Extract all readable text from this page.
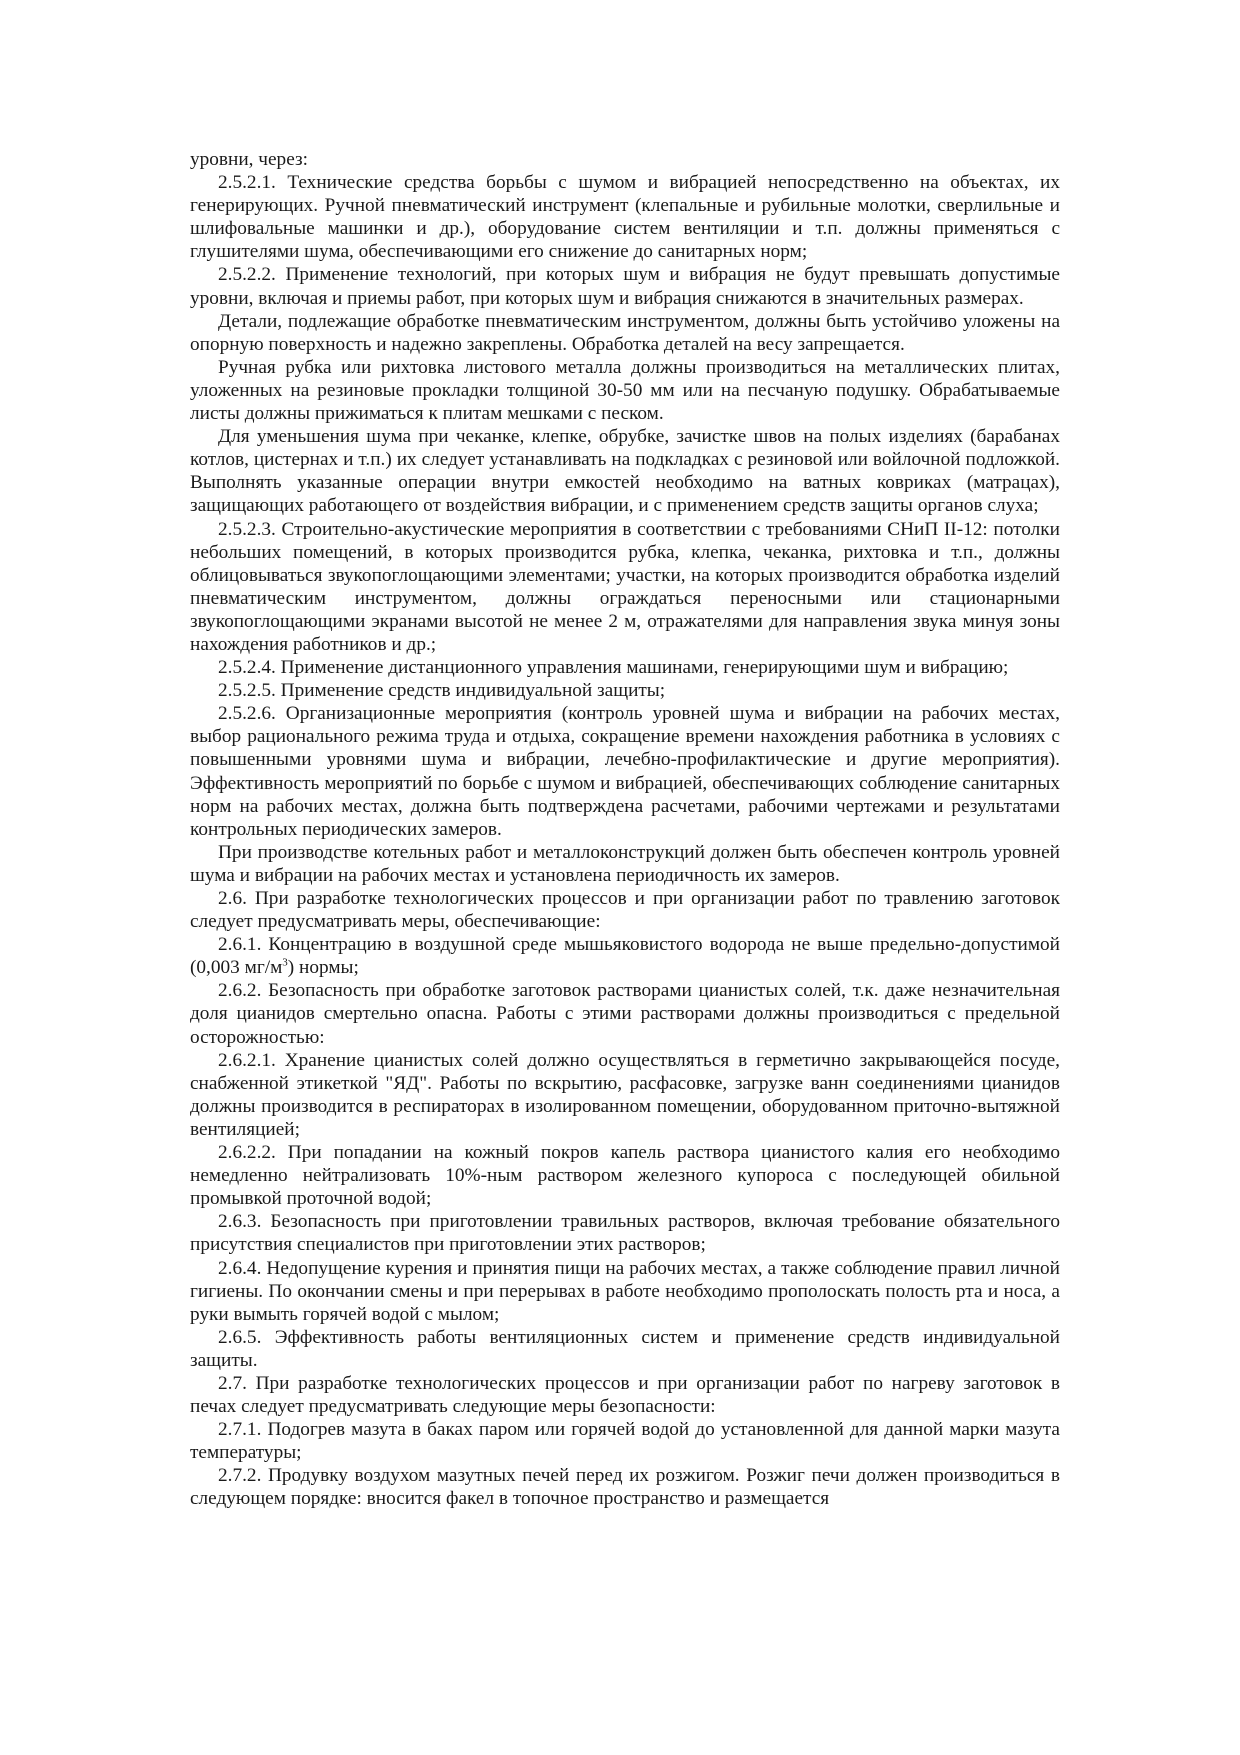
уровни, через:

2.5.2.1. Технические средства борьбы с шумом и вибрацией непосредственно на объектах, их генерирующих. Ручной пневматический инструмент (клепальные и рубильные молотки, сверлильные и шлифовальные машинки и др.), оборудование систем вентиляции и т.п. должны применяться с глушителями шума, обеспечивающими его снижение до санитарных норм;

2.5.2.2. Применение технологий, при которых шум и вибрация не будут превышать допустимые уровни, включая и приемы работ, при которых шум и вибрация снижаются в значительных размерах.

Детали, подлежащие обработке пневматическим инструментом, должны быть устойчиво уложены на опорную поверхность и надежно закреплены. Обработка деталей на весу запрещается.

Ручная рубка или рихтовка листового металла должны производиться на металлических плитах, уложенных на резиновые прокладки толщиной 30-50 мм или на песчаную подушку. Обрабатываемые листы должны прижиматься к плитам мешками с песком.

Для уменьшения шума при чеканке, клепке, обрубке, зачистке швов на полых изделиях (барабанах котлов, цистернах и т.п.) их следует устанавливать на подкладках с резиновой или войлочной подложкой. Выполнять указанные операции внутри емкостей необходимо на ватных ковриках (матрацах), защищающих работающего от воздействия вибрации, и с применением средств защиты органов слуха;

2.5.2.3. Строительно-акустические мероприятия в соответствии с требованиями СНиП II-12: потолки небольших помещений, в которых производится рубка, клепка, чеканка, рихтовка и т.п., должны облицовываться звукопоглощающими элементами; участки, на которых производится обработка изделий пневматическим инструментом, должны ограждаться переносными или стационарными звукопоглощающими экранами высотой не менее 2 м, отражателями для направления звука минуя зоны нахождения работников и др.;

2.5.2.4. Применение дистанционного управления машинами, генерирующими шум и вибрацию;

2.5.2.5. Применение средств индивидуальной защиты;

2.5.2.6. Организационные мероприятия (контроль уровней шума и вибрации на рабочих местах, выбор рационального режима труда и отдыха, сокращение времени нахождения работника в условиях с повышенными уровнями шума и вибрации, лечебно-профилактические и другие мероприятия). Эффективность мероприятий по борьбе с шумом и вибрацией, обеспечивающих соблюдение санитарных норм на рабочих местах, должна быть подтверждена расчетами, рабочими чертежами и результатами контрольных периодических замеров.

При производстве котельных работ и металлоконструкций должен быть обеспечен контроль уровней шума и вибрации на рабочих местах и установлена периодичность их замеров.

2.6. При разработке технологических процессов и при организации работ по травлению заготовок следует предусматривать меры, обеспечивающие:

2.6.1. Концентрацию в воздушной среде мышьяковистого водорода не выше предельно-допустимой (0,003 $мг/м^3$) нормы;

2.6.2. Безопасность при обработке заготовок растворами цианистых солей, т.к. даже незначительная доля цианидов смертельно опасна. Работы с этими растворами должны производиться с предельной осторожностью:

2.6.2.1. Хранение цианистых солей должно осуществляться в герметично закрывающейся посуде, снабженной этикеткой "ЯД". Работы по вскрытию, расфасовке, загрузке ванн соединениями цианидов должны производится в респираторах в изолированном помещении, оборудованном приточно-вытяжной вентиляцией;

2.6.2.2. При попадании на кожный покров капель раствора цианистого калия его необходимо немедленно нейтрализовать 10%-ным раствором железного купороса с последующей обильной промывкой проточной водой;

2.6.3. Безопасность при приготовлении травильных растворов, включая требование обязательного присутствия специалистов при приготовлении этих растворов;

2.6.4. Недопущение курения и принятия пищи на рабочих местах, а также соблюдение правил личной гигиены. По окончании смены и при перерывах в работе необходимо прополоскать полость рта и носа, а руки вымыть горячей водой с мылом;

2.6.5. Эффективность работы вентиляционных систем и применение средств индивидуальной защиты.

2.7. При разработке технологических процессов и при организации работ по нагреву заготовок в печах следует предусматривать следующие меры безопасности:

2.7.1. Подогрев мазута в баках паром или горячей водой до установленной для данной марки мазута температуры;

2.7.2. Продувку воздухом мазутных печей перед их розжигом. Розжиг печи должен производиться в следующем порядке: вносится факел в топочное пространство и размещается
